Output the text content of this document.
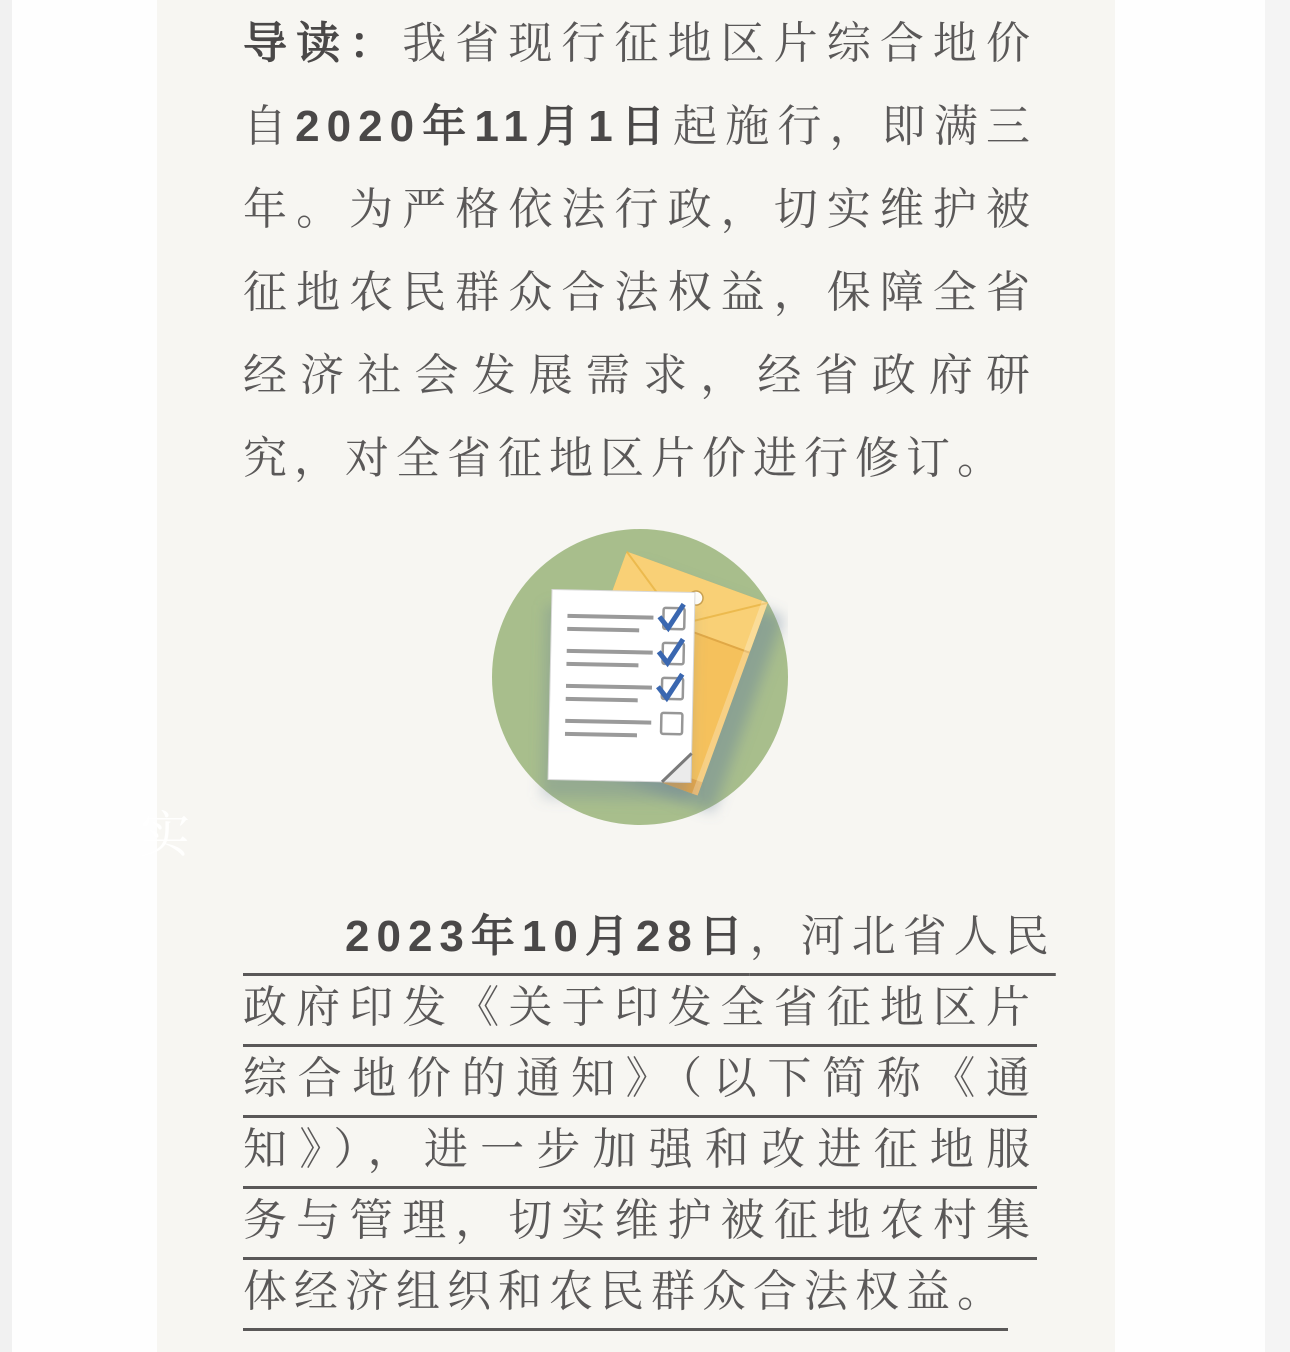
导读：我省现行征地区片综合地价
自2020年11月1日起施行，即满三
年。为严格依法行政，切实维护被
征地农民群众合法权益，保障全省
经济社会发展需求，经省政府研
究，对全省征地区片价进行修订。
　　2023年10月28日，河北省人民
政府印发《关于印发全省征地区片
综合地价的通知》（以下简称《通
知》），进一步加强和改进征地服
务与管理，切实维护被征地农村集
体经济组织和农民群众合法权益。
实
